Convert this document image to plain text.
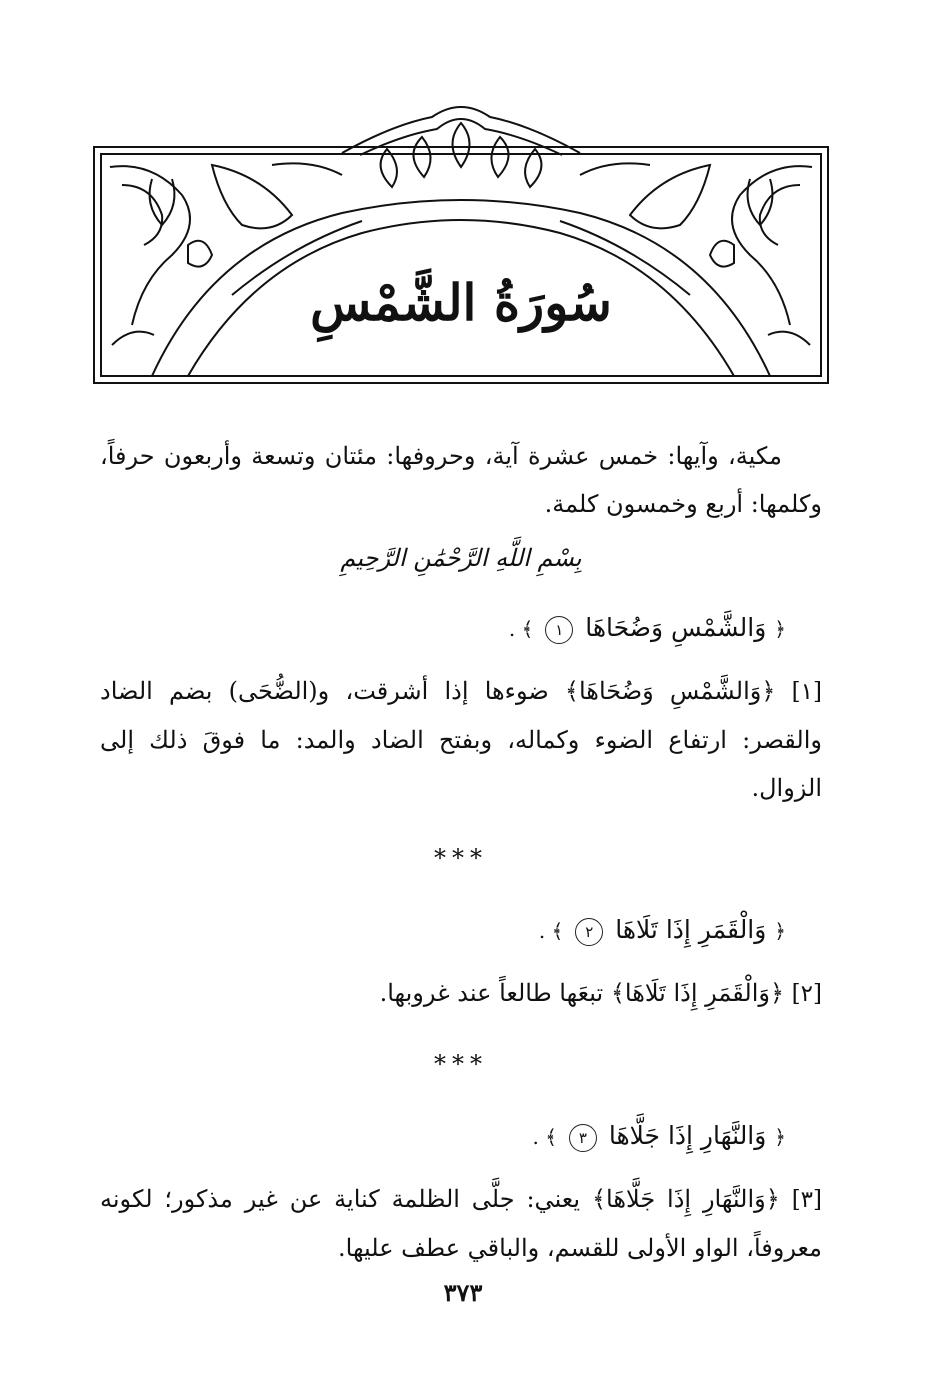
سُورَةُ الشَّمْسِ

مكية، وآيها: خمس عشرة آية، وحروفها: مئتان وتسعة وأربعون حرفاً، وكلمها: أربع وخمسون كلمة.

بِسْمِ اللَّهِ الرَّحْمَٰنِ الرَّحِيمِ

﴿ وَالشَّمْسِ وَضُحَاهَا ١ ﴾ .

[١] ﴿وَالشَّمْسِ وَضُحَاهَا﴾ ضوءها إذا أشرقت، و(الضُّحَى) بضم الضاد والقصر: ارتفاع الضوء وكماله، وبفتح الضاد والمد: ما فوقَ ذلك إلى الزوال.

***

﴿ وَالْقَمَرِ إِذَا تَلَاهَا ٢ ﴾ .

[٢] ﴿وَالْقَمَرِ إِذَا تَلَاهَا﴾ تبعَها طالعاً عند غروبها.

***

﴿ وَالنَّهَارِ إِذَا جَلَّاهَا ٣ ﴾ .

[٣] ﴿وَالنَّهَارِ إِذَا جَلَّاهَا﴾ يعني: جلَّى الظلمة كناية عن غير مذكور؛ لكونه معروفاً، الواو الأولى للقسم، والباقي عطف عليها.

٣٧٣
